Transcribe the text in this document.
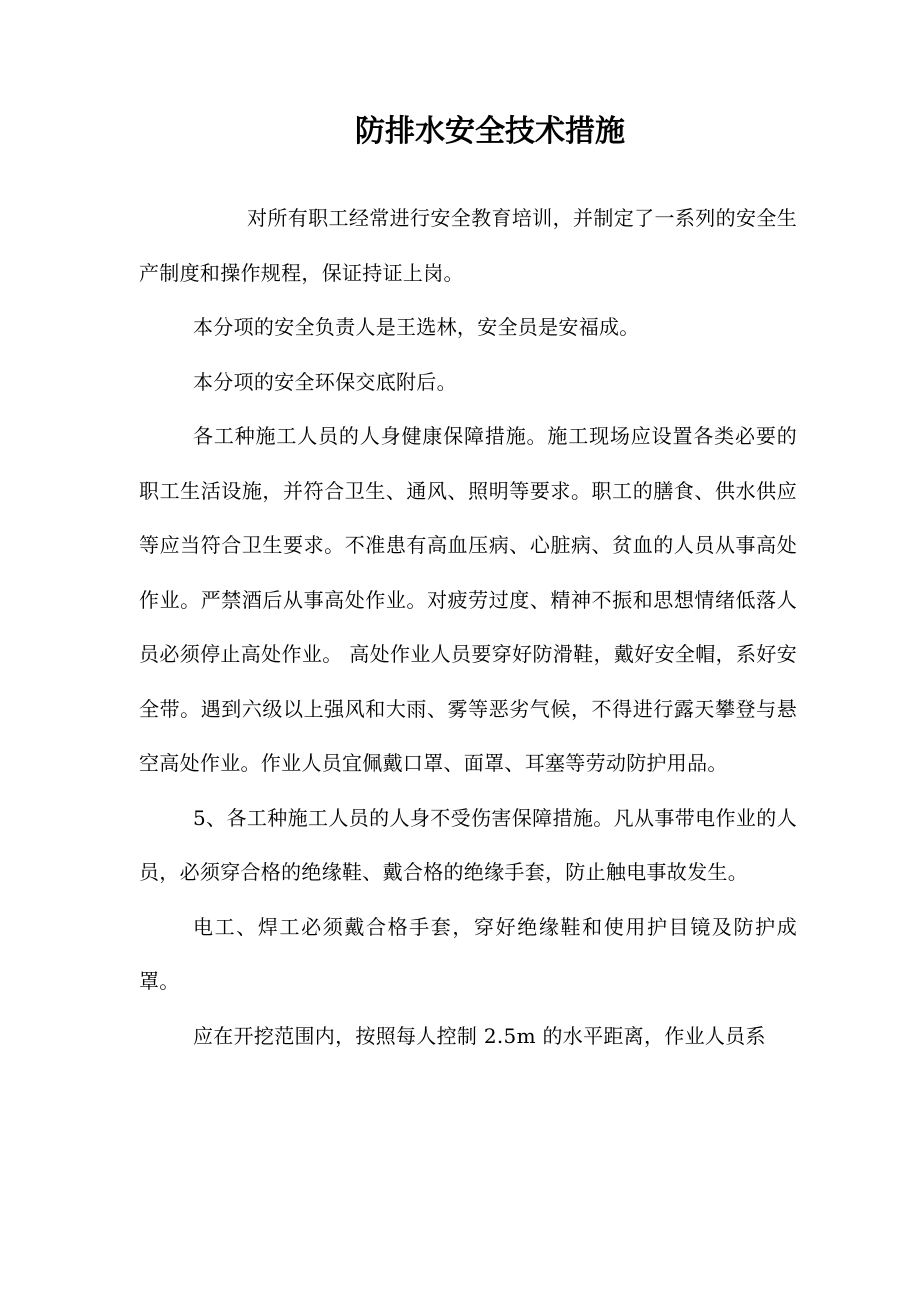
防排水安全技术措施

对所有职工经常进行安全教育培训，并制定了一系列的安全生产制度和操作规程，保证持证上岗。

本分项的安全负责人是王选林，安全员是安福成。

本分项的安全环保交底附后。

各工种施工人员的人身健康保障措施。施工现场应设置各类必要的职工生活设施，并符合卫生、通风、照明等要求。职工的膳食、供水供应等应当符合卫生要求。不准患有高血压病、心脏病、贫血的人员从事高处作业。严禁酒后从事高处作业。对疲劳过度、精神不振和思想情绪低落人员必须停止高处作业。 高处作业人员要穿好防滑鞋，戴好安全帽，系好安全带。遇到六级以上强风和大雨、雾等恶劣气候，不得进行露天攀登与悬空高处作业。作业人员宜佩戴口罩、面罩、耳塞等劳动防护用品。

5、各工种施工人员的人身不受伤害保障措施。凡从事带电作业的人员，必须穿合格的绝缘鞋、戴合格的绝缘手套，防止触电事故发生。

电工、焊工必须戴合格手套，穿好绝缘鞋和使用护目镜及防护成罩。

应在开挖范围内，按照每人控制 2.5m 的水平距离，作业人员系
